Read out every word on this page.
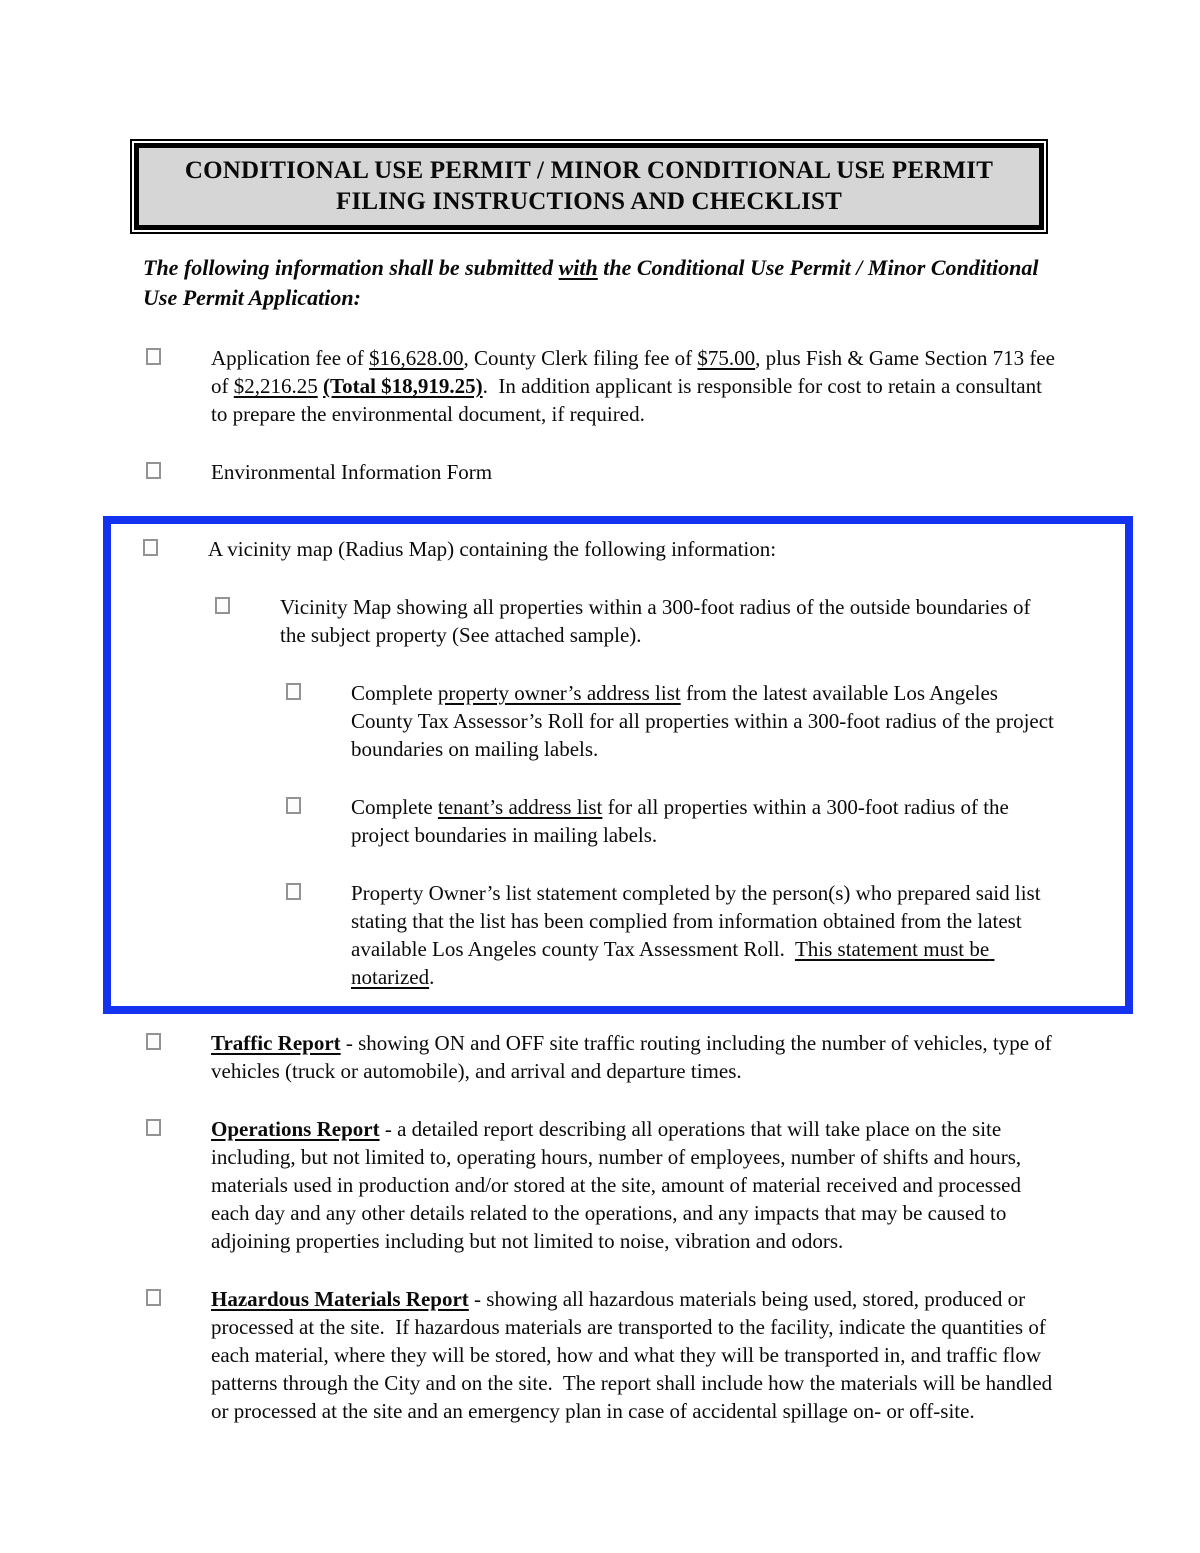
CONDITIONAL USE PERMIT / MINOR CONDITIONAL USE PERMIT
FILING INSTRUCTIONS AND CHECKLIST

The following information shall be submitted with the Conditional Use Permit / Minor Conditional Use Permit Application:

Application fee of $16,628.00, County Clerk filing fee of $75.00, plus Fish & Game Section 713 fee of $2,216.25 (Total $18,919.25).  In addition applicant is responsible for cost to retain a consultant to prepare the environmental document, if required.
Environmental Information Form
A vicinity map (Radius Map) containing the following information:
Vicinity Map showing all properties within a 300-foot radius of the outside boundaries of the subject property (See attached sample).
Complete property owner’s address list from the latest available Los Angeles County Tax Assessor’s Roll for all properties within a 300-foot radius of the project boundaries on mailing labels.
Complete tenant’s address list for all properties within a 300-foot radius of the project boundaries in mailing labels.
Property Owner’s list statement completed by the person(s) who prepared said list stating that the list has been complied from information obtained from the latest available Los Angeles county Tax Assessment Roll.  This statement must be notarized.
Traffic Report - showing ON and OFF site traffic routing including the number of vehicles, type of vehicles (truck or automobile), and arrival and departure times.
Operations Report - a detailed report describing all operations that will take place on the site including, but not limited to, operating hours, number of employees, number of shifts and hours, materials used in production and/or stored at the site, amount of material received and processed each day and any other details related to the operations, and any impacts that may be caused to adjoining properties including but not limited to noise, vibration and odors.
Hazardous Materials Report - showing all hazardous materials being used, stored, produced or processed at the site.  If hazardous materials are transported to the facility, indicate the quantities of each material, where they will be stored, how and what they will be transported in, and traffic flow patterns through the City and on the site.  The report shall include how the materials will be handled or processed at the site and an emergency plan in case of accidental spillage on- or off-site.
